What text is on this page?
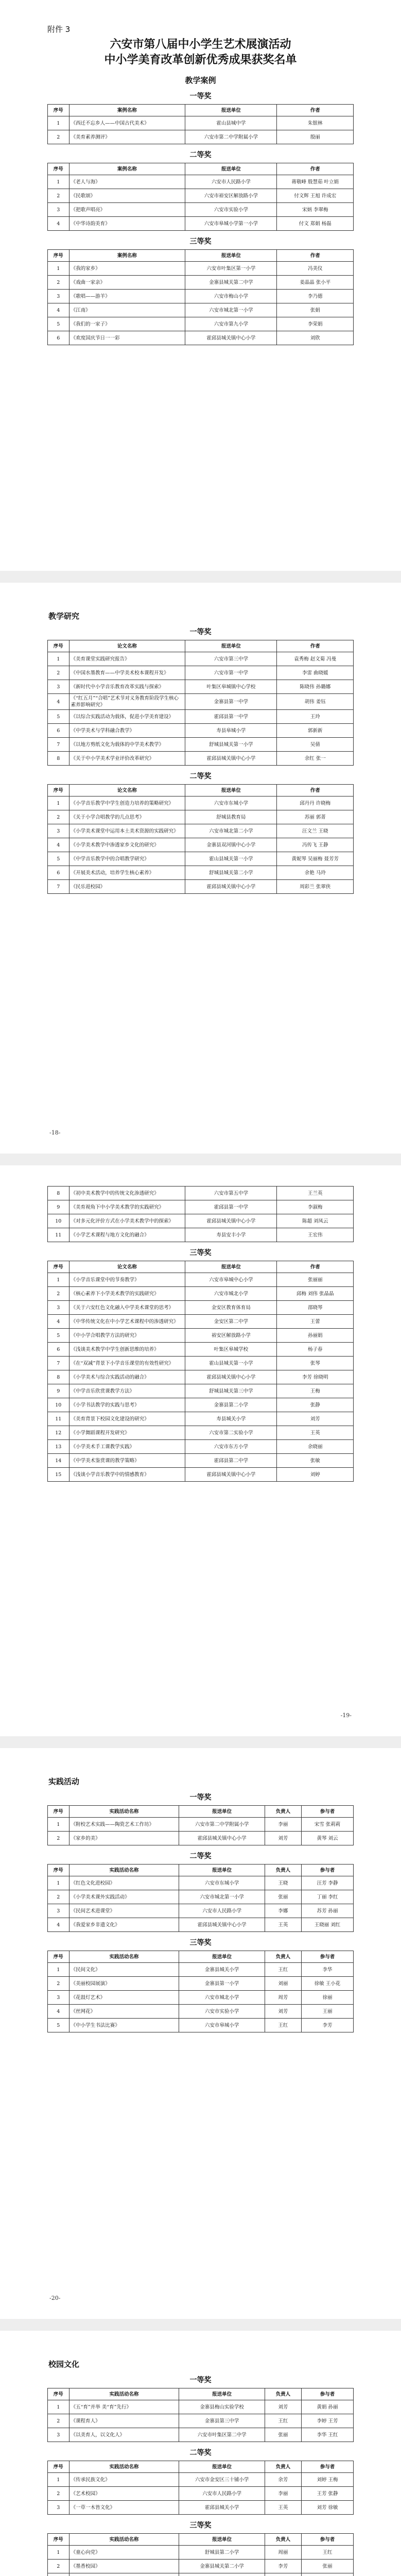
附件 3
六安市第八届中小学生艺术展演活动
中小学美育改革创新优秀成果获奖名单
教学案例
一等奖
序号	案例名称	报送单位	作者
1	《西迁不忘乡人——中国古代美术》	霍山县城中学	朱银林
2	《美育素养测评》	六安市第二中学附属小学	殷丽
二等奖
序号	案例名称	报送单位	作者
1	《老人与海》	六安市人民路小学	蒋敬峰 殷慧茹 叶立娟
2	《民歌颂》	六安市裕安区解放路小学	付文辉 王旭 许成宏
3	《把歌声唱亮》	六安市实验小学	宋炳 李翠梅
4	《中华诗韵美育》	六安市皋城小学第一小学	付文 郑娟 杨磊
三等奖
序号	案例名称	报送单位	作者
1	《我的家乡》	六安市叶集区第一小学	冯美仪
2	《戏曲一家亲》	金寨县城关第二中学	姜晶晶 张小平
3	《歌唱——游羊》	六安市梅山小学	李乃德
4	《江南》	六安市城北第一小学	张娟
5	《我们的一家子》	六安市第九小学	李荣娟
6	《欢度国庆节日一一彩	霍邱县城关镇中心小学	刘欣
教学研究
一等奖
序号	论文名称	报送单位	作者
1	《美育课堂实践研究报告》	六安市第三中学	袁秀梅 赵文菊 冯曼
2	《中国水墨教育——中学美术校本课程开发》	六安市第一中学	李雷 曲晓媛
3	《新时代中小学音乐教育改革实践与探索》	叶集区皋城镇中心学校	陈晓伟 孙璐娜
4	《“红五月”“合唱”艺术节对义务教育阶段学生核心素养影响研究》	金寨县第一中学	胡伟 姜钰
5	《以综合实践活动为载体，促进小学美育建设》	霍邱县第一中学	王玲
6	《中学美术与学科融合教学》	寿县皋城小学	郭新新
7	《以地方剪纸文化为载体的中学美术教学》	舒城县城关第一小学	吴倩
8	《关于中小学美术学业评价改革研究》	霍邱县城关镇中心小学	余红 张一
二等奖
序号	论文名称	报送单位	作者
1	《小学音乐教学中学生创造力培养的策略研究》	六安市东城小学	邱丹丹 许晓梅
2	《关于小学合唱教学的几点思考》	舒城县教育局	苏丽 郭菁
3	《小学美术课堂中运用本土美术资源的实践研究》	六安市城北第二小学	汪文兰 王晓
4	《小学美术教学中渗透家乡文化的研究》	金寨县双河镇中心小学	冯传飞 王静
5	《中学音乐教学中的合唱教学研究》	霍山县城关第一小学	黄妮琴 吴丽梅 聂芳芳
6	《开展美术活动，培养学生核心素养》	舒城县城关第二小学	余艳 马玲
7	《民乐进校园》	霍邱县城关镇中心小学	周彩兰 张翠侠
-18-
8	《初中美术教学中的传统文化渗透研究》	六安市第五中学	王兰英
9	《美育视角下中小学美术教学的实践研究》	霍邱县第一中学	李淑梅
10	《对多元化评价方式在小学美术教学中的探索》	霍邱县城关镇中心小学	陈超 刘凤云
11	《小学艺术课程与地方文化的融合》	寿县安丰小学	王宏伟
三等奖
序号	论文名称	报送单位	作者
1	《小学音乐课堂中的节奏教学》	六安市皋城中心小学	张丽丽
2	《核心素养下小学美术教学的实践研究》	六安市城北小学	邱梅 刘伟 张晶晶
3	《关于六安红色文化融入中学美术课堂的思考》	金安区教育体育局	邵晓琴
4	《中华传统文化在中小学艺术课程中的渗透研究》	金安区第二中学	王蕾
5	《中小学合唱教学方法的研究》	裕安区解放路小学	孙丽娟
6	《浅谈美术教学中学生创新思维的培养》	叶集区皋城学校	杨子春
7	《在“双减”背景下小学音乐课堂的有效性研究》	霍山县城关第一小学	张琴
8	《小学美术与综合实践活动的融合》	霍邱县城关镇中心小学	李芳 徐晓明
9	《中学音乐欣赏课教学方法》	舒城县城关第三中学	王梅
10	《小学书法教学的实践与思考》	金寨县第二小学	张静
11	《美育背景下校园文化建设的研究》	寿县城关小学	刘芳
12	《小学舞蹈课程开发研究》	六安市第二实验小学	王英
13	《小学美术手工课教学实践》	六安市东方小学	余晓丽
14	《中学美术鉴赏课的教学策略》	霍邱县第二中学	张敏
15	《浅谈小学音乐教学中的情感教育》	霍邱县城关镇中心小学	刘婷
-19-
实践活动
一等奖
序号	实践活动名称	报送单位	负责人	参与者
1	《附校艺术实践——陶瓷艺术工作坊》	六安市第二中学附属小学	李丽	宋雪 张莉莉
2	《家乡的美》	霍邱县城关镇中心小学	刘芳	黄琴 刘云
二等奖
序号	实践活动名称	报送单位	负责人	参与者
1	《红色文化进校园》	六安市东城小学	王晓	汪芳 李静
2	《小学美术课外实践活动》	六安市城北第一小学	张丽	丁丽 李红
3	《民间艺术进课堂》	六安市人民路小学	李娜	苏芳 孙丽
4	《我爱家乡非遗文化》	霍邱县城关镇中心小学	王英	王晓丽 刘红
三等奖
序号	实践活动名称	报送单位	负责人	参与者
1	《民间文化》	金寨县城关小学	王红	李华
2	《美丽校园展演》	金寨县第一小学	刘丽	徐敏 王小花
3	《花鼓灯艺术》	六安市城北小学	周芳	徐丽
4	《丝网花》	六安市实验小学	刘芳	王丽
5	《中小学生书法比赛》	六安市皋城小学	王红	李芳
-20-
校园文化
一等奖
序号	实践活动名称	报送单位	负责人	参与者
1	《五“育”并举 美“育”先行》	金寨县梅山实验学校	刘芳	黄娟 孙丽
2	《课程育人》	金寨县第三中学	王红	李婷 王芳
3	《以美育人，以文化人》	六安市叶集区第二中学	张丽	李华 王红
二等奖
序号	实践活动名称	报送单位	负责人	参与者
1	《传承民族文化》	六安市金安区三十铺小学	余芳	刘婷 王梅
2	《艺术校园》	六安市人民路小学	李丽	王芳 张静
3	《一草一木皆文化》	霍邱县城关小学	王英	刘芳 徐敏
三等奖
序号	实践活动名称	报送单位	负责人	参与者
1	《童心向党》	舒城县第二小学	周丽	王红
2	《墨香校园》	金寨县城关第二小学	李芳	张丽
